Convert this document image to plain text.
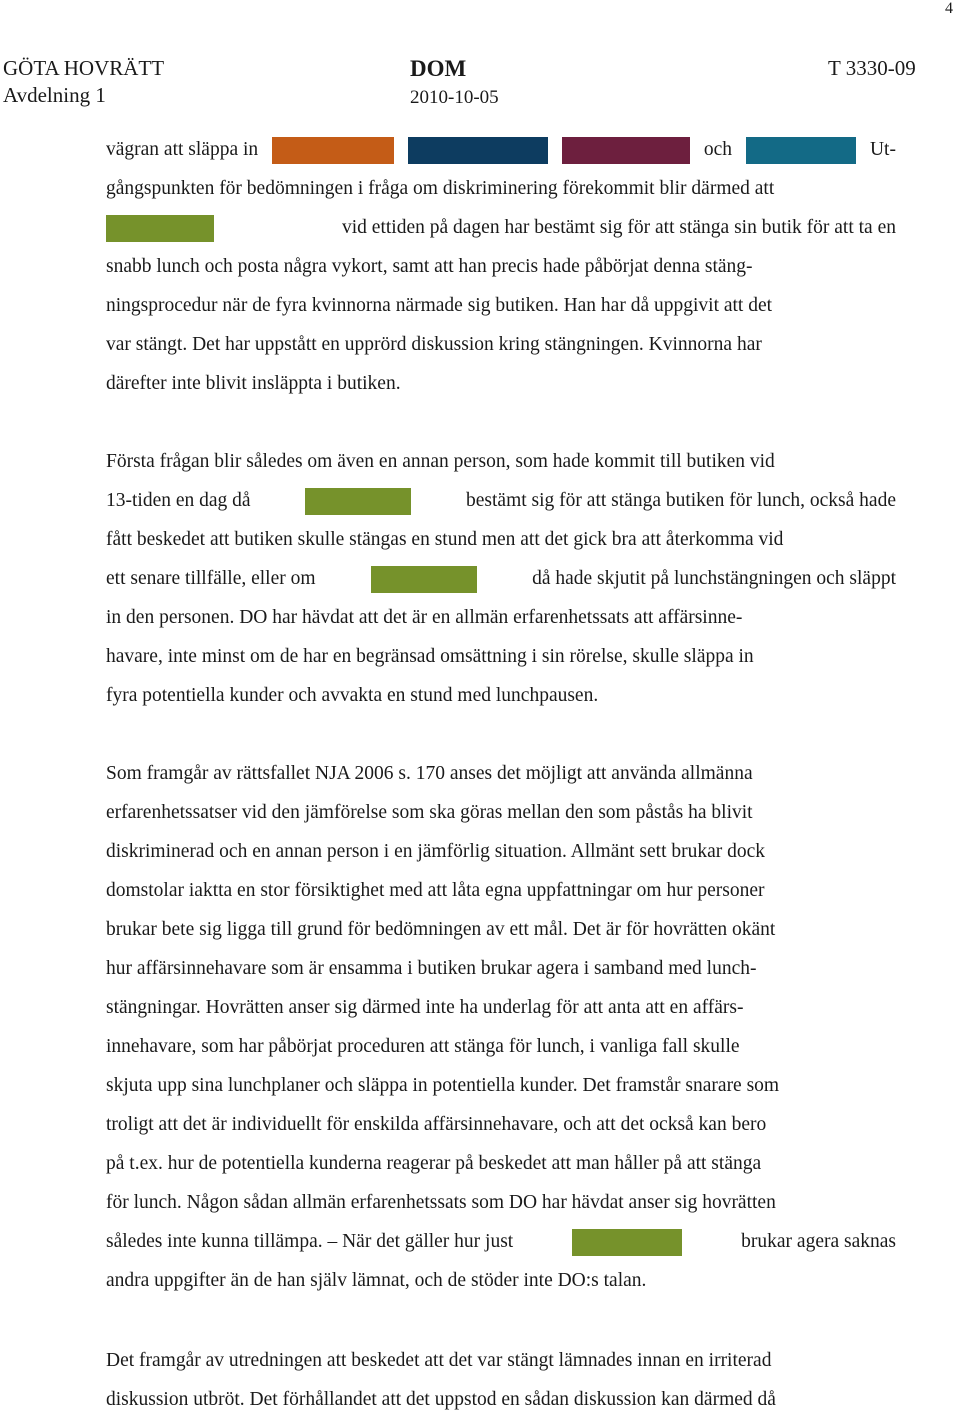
4
GÖTA HOVRÄTT
Avdelning 1
DOM
2010-10-05
T 3330-09
vägran att släppa in	och	Ut-
gångspunkten för bedömningen i fråga om diskriminering förekommit blir därmed att
vid ettiden på dagen har bestämt sig för att stänga sin butik för att ta en
snabb lunch och posta några vykort, samt att han precis hade påbörjat denna stäng-
ningsprocedur när de fyra kvinnorna närmade sig butiken. Han har då uppgivit att det
var stängt. Det har uppstått en upprörd diskussion kring stängningen. Kvinnorna har
därefter inte blivit insläppta i butiken.
Första frågan blir således om även en annan person, som hade kommit till butiken vid
13-tiden en dag då	bestämt sig för att stänga butiken för lunch, också hade
fått beskedet att butiken skulle stängas en stund men att det gick bra att återkomma vid
ett senare tillfälle, eller om	då hade skjutit på lunchstängningen och släppt
in den personen. DO har hävdat att det är en allmän erfarenhetssats att affärsinne-
havare, inte minst om de har en begränsad omsättning i sin rörelse, skulle släppa in
fyra potentiella kunder och avvakta en stund med lunchpausen.
Som framgår av rättsfallet NJA 2006 s. 170 anses det möjligt att använda allmänna
erfarenhetssatser vid den jämförelse som ska göras mellan den som påstås ha blivit
diskriminerad och en annan person i en jämförlig situation. Allmänt sett brukar dock
domstolar iakttа en stor försiktighet med att låta egna uppfattningar om hur personer
brukar bete sig ligga till grund för bedömningen av ett mål. Det är för hovrätten okänt
hur affärsinnehavare som är ensamma i butiken brukar agera i samband med lunch-
stängningar. Hovrätten anser sig därmed inte ha underlag för att anta att en affärs-
innehavare, som har påbörjat proceduren att stänga för lunch, i vanliga fall skulle
skjuta upp sina lunchplaner och släppa in potentiella kunder. Det framstår snarare som
troligt att det är individuellt för enskilda affärsinnehavare, och att det också kan bero
på t.ex. hur de potentiella kunderna reagerar på beskedet att man håller på att stänga
för lunch. Någon sådan allmän erfarenhetssats som DO har hävdat anser sig hovrätten
således inte kunna tillämpa. – När det gäller hur just	brukar agera saknas
andra uppgifter än de han själv lämnat, och de stöder inte DO:s talan.
Det framgår av utredningen att beskedet att det var stängt lämnades innan en irriterad
diskussion utbröt. Det förhållandet att det uppstod en sådan diskussion kan därmed då
